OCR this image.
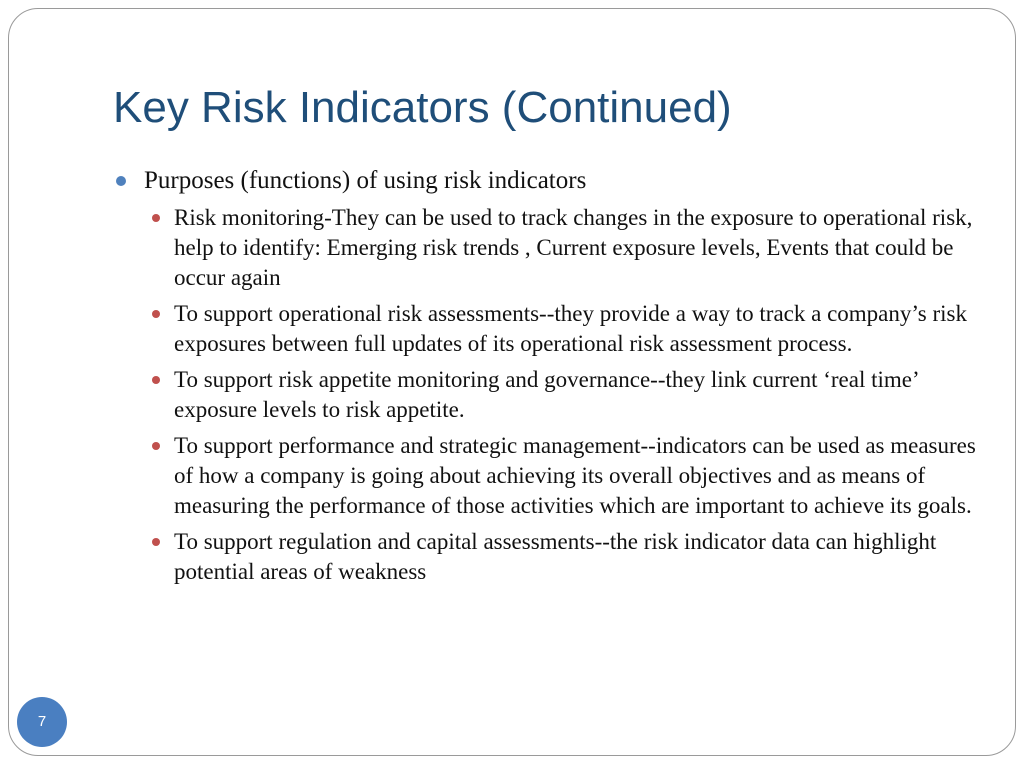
Key Risk Indicators (Continued)
Purposes (functions) of using risk indicators
Risk monitoring-They can be used to track changes in the exposure to operational risk, help to identify: Emerging risk trends , Current exposure levels, Events that could be occur again
To support operational risk assessments--they provide a way to track a company’s risk exposures between full updates of its operational risk assessment process.
To support risk appetite monitoring and governance--they link current ‘real time’ exposure levels to risk appetite.
To support performance and strategic management--indicators can be used as measures of how a company is going about achieving its overall objectives and as means of measuring the performance of those activities which are important to achieve its goals.
To support regulation and capital assessments--the risk indicator data can highlight potential areas of weakness
7
